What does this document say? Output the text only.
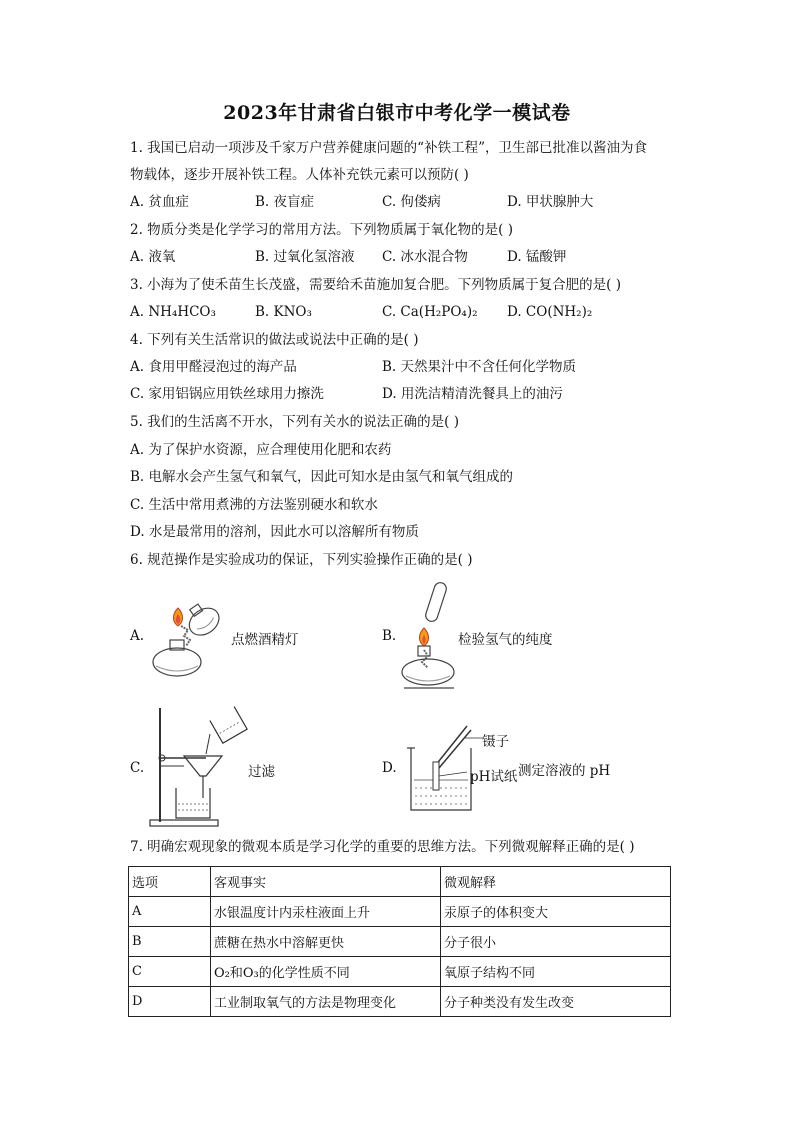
2023年甘肃省白银市中考化学一模试卷
1. 我国已启动一项涉及千家万户营养健康问题的“补铁工程”，卫生部已批准以酱油为食
物载体，逐步开展补铁工程。人体补充铁元素可以预防( )
A. 贫血症	B. 夜盲症	C. 佝偻病	D. 甲状腺肿大
2. 物质分类是化学学习的常用方法。下列物质属于氧化物的是( )
A. 液氧	B. 过氧化氢溶液 C. 冰水混合物	D. 锰酸钾
3. 小海为了使禾苗生长茂盛，需要给禾苗施加复合肥。下列物质属于复合肥的是( )
A. NH₄HCO₃	B. KNO₃	C. Ca(H₂PO₄)₂ D. CO(NH₂)₂
4. 下列有关生活常识的做法或说法中正确的是( )
A. 食用甲醛浸泡过的海产品	B. 天然果汁中不含任何化学物质
C. 家用铝锅应用铁丝球用力擦洗	D. 用洗洁精清洗餐具上的油污
5. 我们的生活离不开水，下列有关水的说法正确的是( )
A. 为了保护水资源，应合理使用化肥和农药
B. 电解水会产生氢气和氧气，因此可知水是由氢气和氧气组成的
C. 生活中常用煮沸的方法鉴别硬水和软水
D. 水是最常用的溶剂，因此水可以溶解所有物质
6. 规范操作是实验成功的保证，下列实验操作正确的是( )
A.	点燃酒精灯	B.	检验氢气的纯度
C.	过滤	D.
镊子
pH试纸 测定溶液的 pH
7. 明确宏观现象的微观本质是学习化学的重要的思维方法。下列微观解释正确的是( )
选项	客观事实	微观解释
A	水银温度计内汞柱液面上升	汞原子的体积变大
B	蔗糖在热水中溶解更快	分子很小
C	O₂和O₃的化学性质不同	氧原子结构不同
D	工业制取氧气的方法是物理变化	分子种类没有发生改变
